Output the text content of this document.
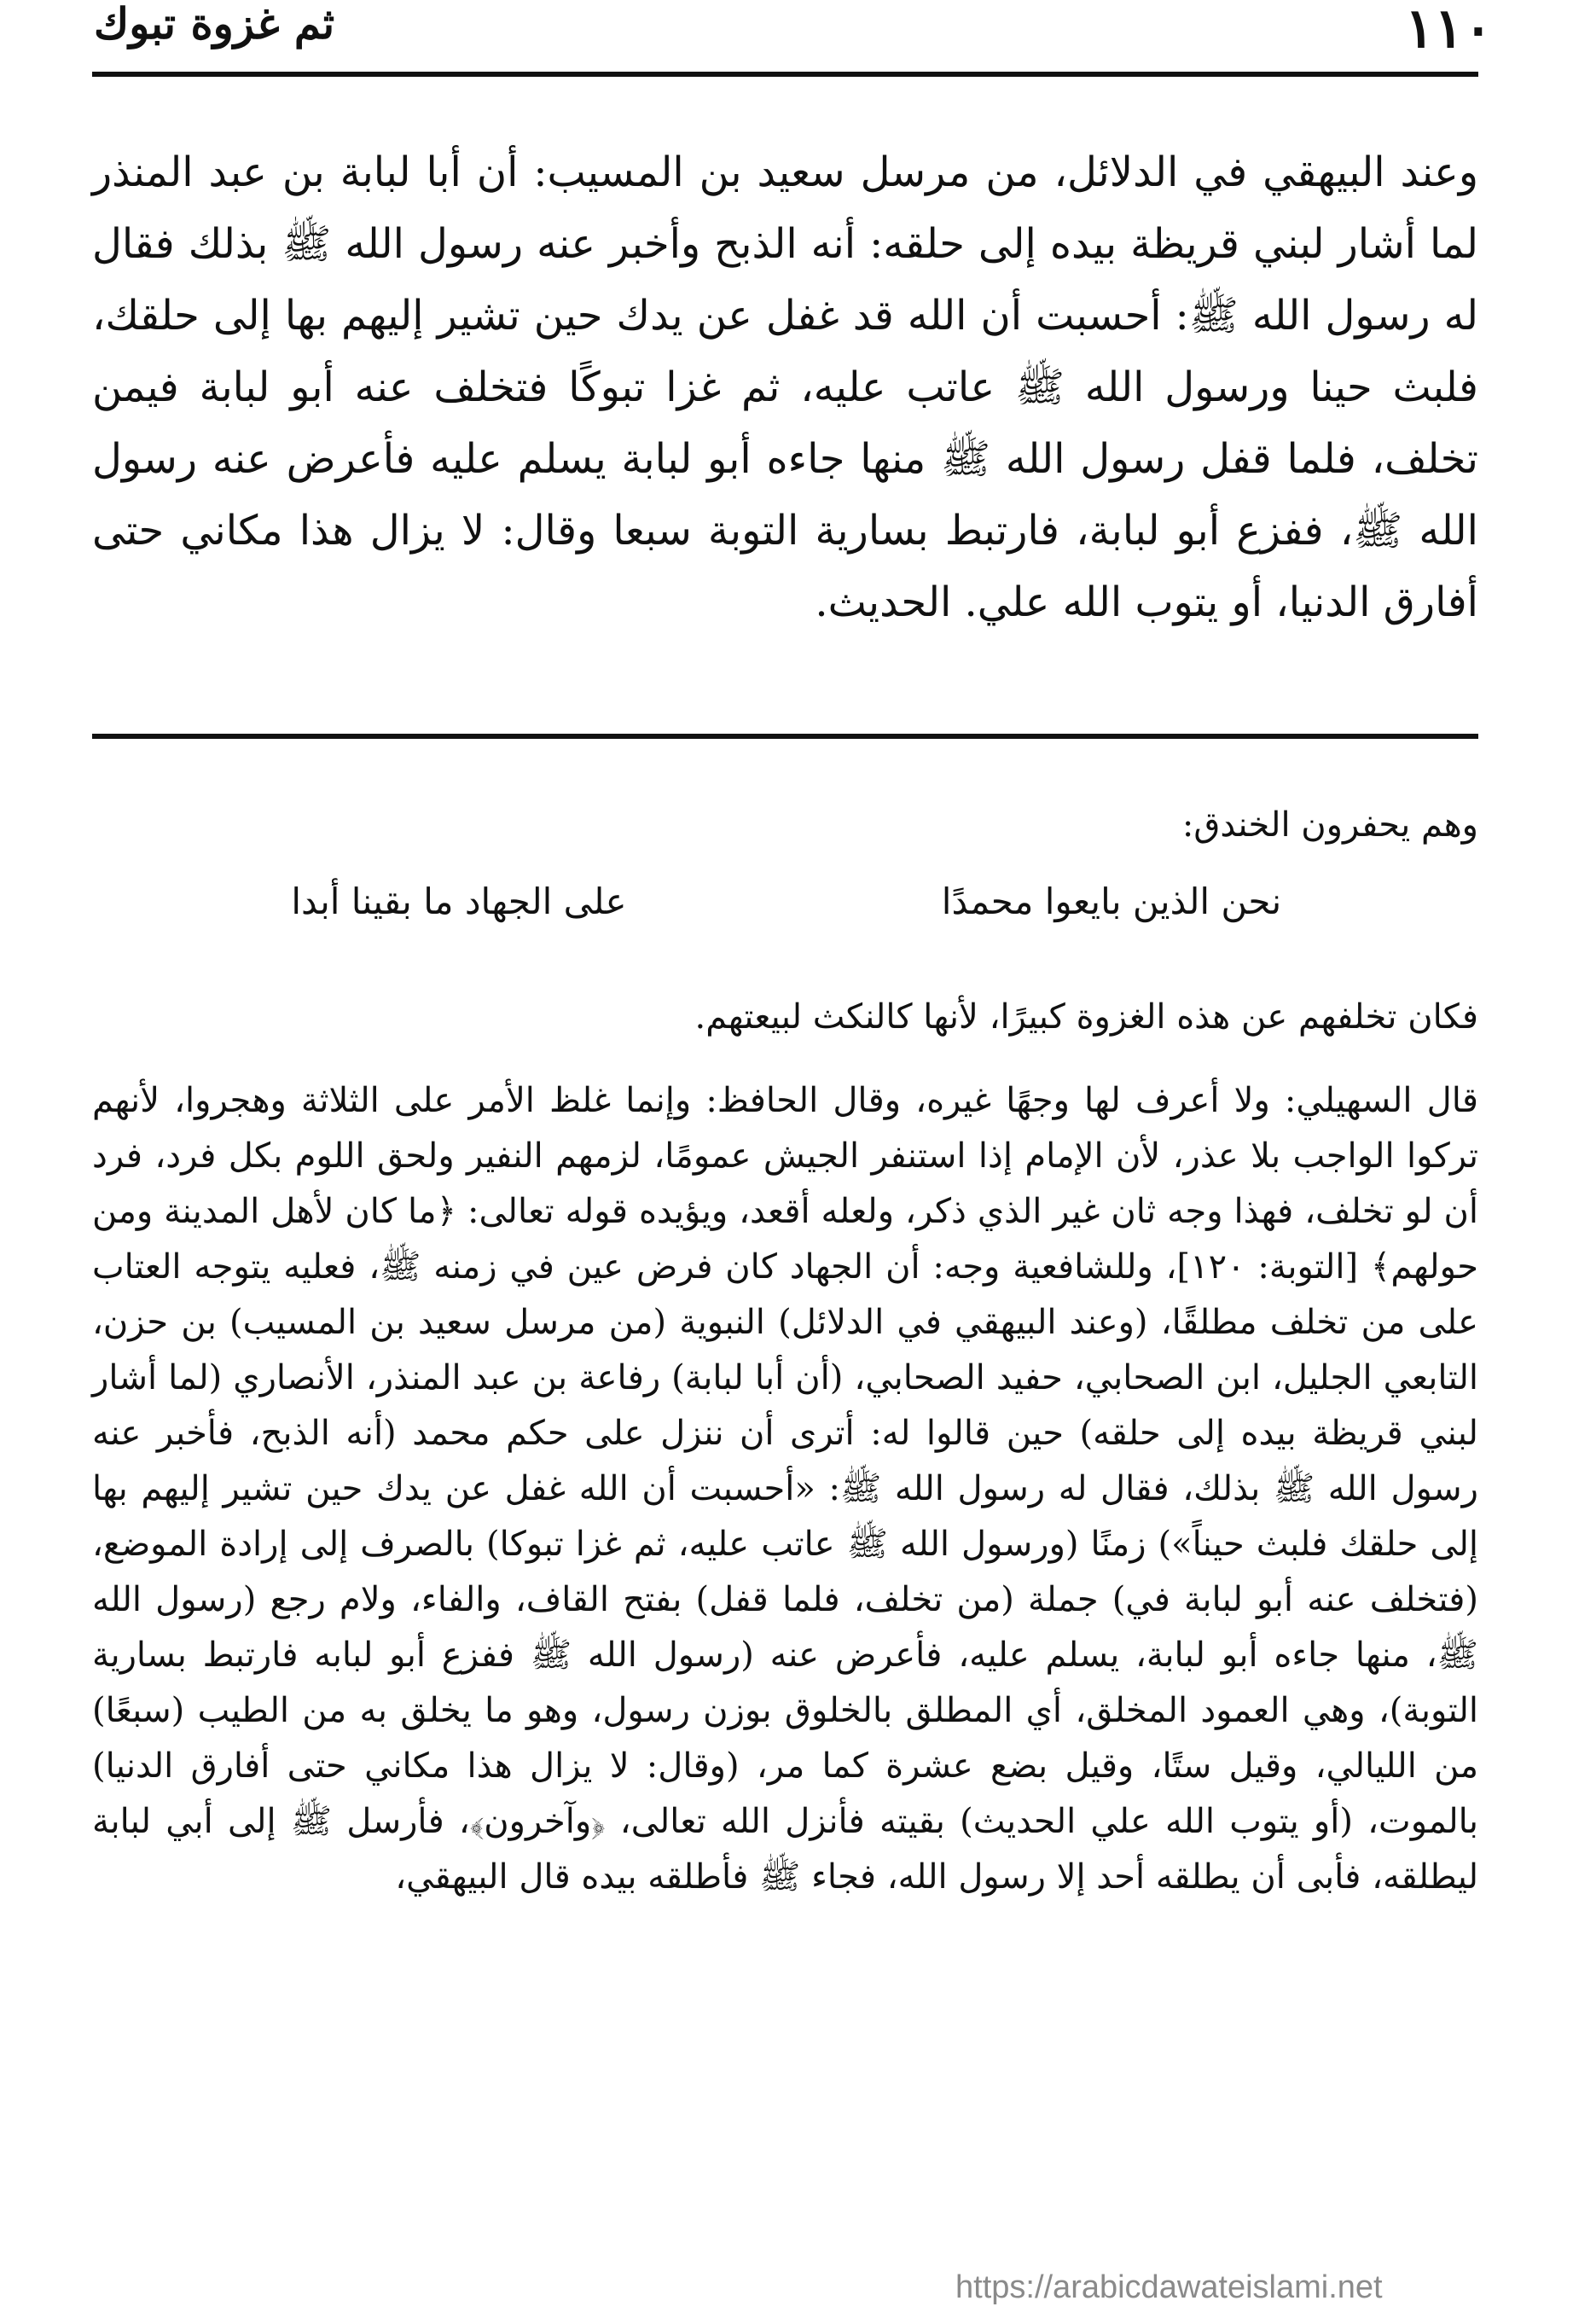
١١٠
ثم غزوة تبوك

وعند البيهقي في الدلائل، من مرسل سعيد بن المسيب: أن أبا لبابة بن عبد المنذر لما أشار لبني قريظة بيده إلى حلقه: أنه الذبح وأخبر عنه رسول الله ﷺ بذلك فقال له رسول الله ﷺ: أحسبت أن الله قد غفل عن يدك حين تشير إليهم بها إلى حلقك، فلبث حينا ورسول الله ﷺ عاتب عليه، ثم غزا تبوكًا فتخلف عنه أبو لبابة فيمن تخلف، فلما قفل رسول الله ﷺ منها جاءه أبو لبابة يسلم عليه فأعرض عنه رسول الله ﷺ، ففزع أبو لبابة، فارتبط بسارية التوبة سبعا وقال: لا يزال هذا مكاني حتى أفارق الدنيا، أو يتوب الله علي. الحديث.

وهم يحفرون الخندق:

نحن الذين بايعوا محمدًا
على الجهاد ما بقينا أبدا

فكان تخلفهم عن هذه الغزوة كبيرًا، لأنها كالنكث لبيعتهم.

قال السهيلي: ولا أعرف لها وجهًا غيره، وقال الحافظ: وإنما غلظ الأمر على الثلاثة وهجروا، لأنهم تركوا الواجب بلا عذر، لأن الإمام إذا استنفر الجيش عمومًا، لزمهم النفير ولحق اللوم بكل فرد، فرد أن لو تخلف، فهذا وجه ثان غير الذي ذكر، ولعله أقعد، ويؤيده قوله تعالى: ﴿ما كان لأهل المدينة ومن حولهم﴾ [التوبة: ١٢٠]، وللشافعية وجه: أن الجهاد كان فرض عين في زمنه ﷺ، فعليه يتوجه العتاب على من تخلف مطلقًا، (وعند البيهقي في الدلائل) النبوية (من مرسل سعيد بن المسيب) بن حزن، التابعي الجليل، ابن الصحابي، حفيد الصحابي، (أن أبا لبابة) رفاعة بن عبد المنذر، الأنصاري (لما أشار لبني قريظة بيده إلى حلقه) حين قالوا له: أترى أن ننزل على حكم محمد (أنه الذبح، فأخبر عنه رسول الله ﷺ بذلك، فقال له رسول الله ﷺ: «أحسبت أن الله غفل عن يدك حين تشير إليهم بها إلى حلقك فلبث حيناً») زمنًا (ورسول الله ﷺ عاتب عليه، ثم غزا تبوكا) بالصرف إلى إرادة الموضع، (فتخلف عنه أبو لبابة في) جملة (من تخلف، فلما قفل) بفتح القاف، والفاء، ولام رجع (رسول الله ﷺ، منها جاءه أبو لبابة، يسلم عليه، فأعرض عنه (رسول الله ﷺ ففزع أبو لبابه فارتبط بسارية التوبة)، وهي العمود المخلق، أي المطلق بالخلوق بوزن رسول، وهو ما يخلق به من الطيب (سبعًا) من الليالي، وقيل ستًا، وقيل بضع عشرة كما مر، (وقال: لا يزال هذا مكاني حتى أفارق الدنيا) بالموت، (أو يتوب الله علي الحديث) بقيته فأنزل الله تعالى، ﴿وآخرون﴾، فأرسل ﷺ إلى أبي لبابة ليطلقه، فأبى أن يطلقه أحد إلا رسول الله، فجاء ﷺ فأطلقه بيده قال البيهقي،

https://arabicdawateislami.net
